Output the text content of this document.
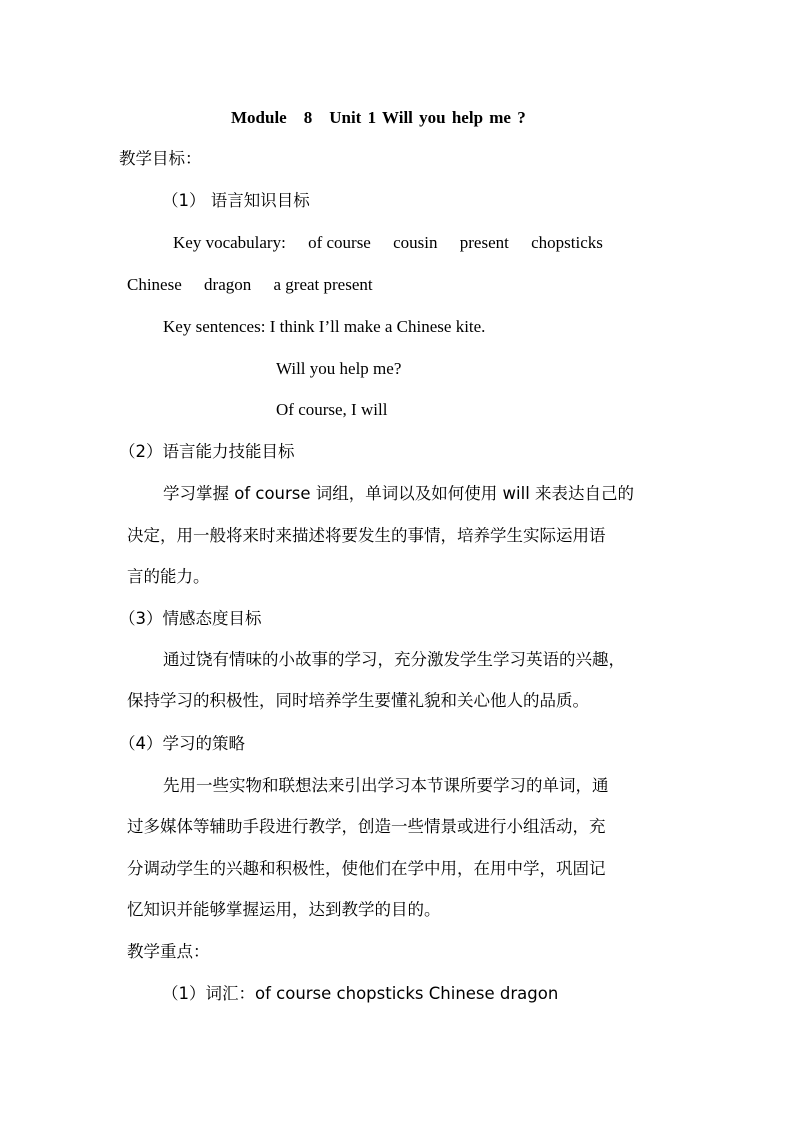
Module　8　Unit 1 Will you help me ?
教学目标：
（1） 语言知识目标
Key vocabulary: of course cousin present chopsticks
Chinese dragon a great present
Key sentences: I think I’ll make a Chinese kite.
Will you help me?
Of course, I will
（2）语言能力技能目标
学习掌握 of course 词组，单词以及如何使用 will 来表达自己的
决定，用一般将来时来描述将要发生的事情，培养学生实际运用语
言的能力。
（3）情感态度目标
通过饶有情味的小故事的学习，充分激发学生学习英语的兴趣，
保持学习的积极性，同时培养学生要懂礼貌和关心他人的品质。
（4）学习的策略
先用一些实物和联想法来引出学习本节课所要学习的单词，通
过多媒体等辅助手段进行教学，创造一些情景或进行小组活动，充
分调动学生的兴趣和积极性，使他们在学中用，在用中学，巩固记
忆知识并能够掌握运用，达到教学的目的。
教学重点：
（1）词汇：of course chopsticks Chinese dragon
